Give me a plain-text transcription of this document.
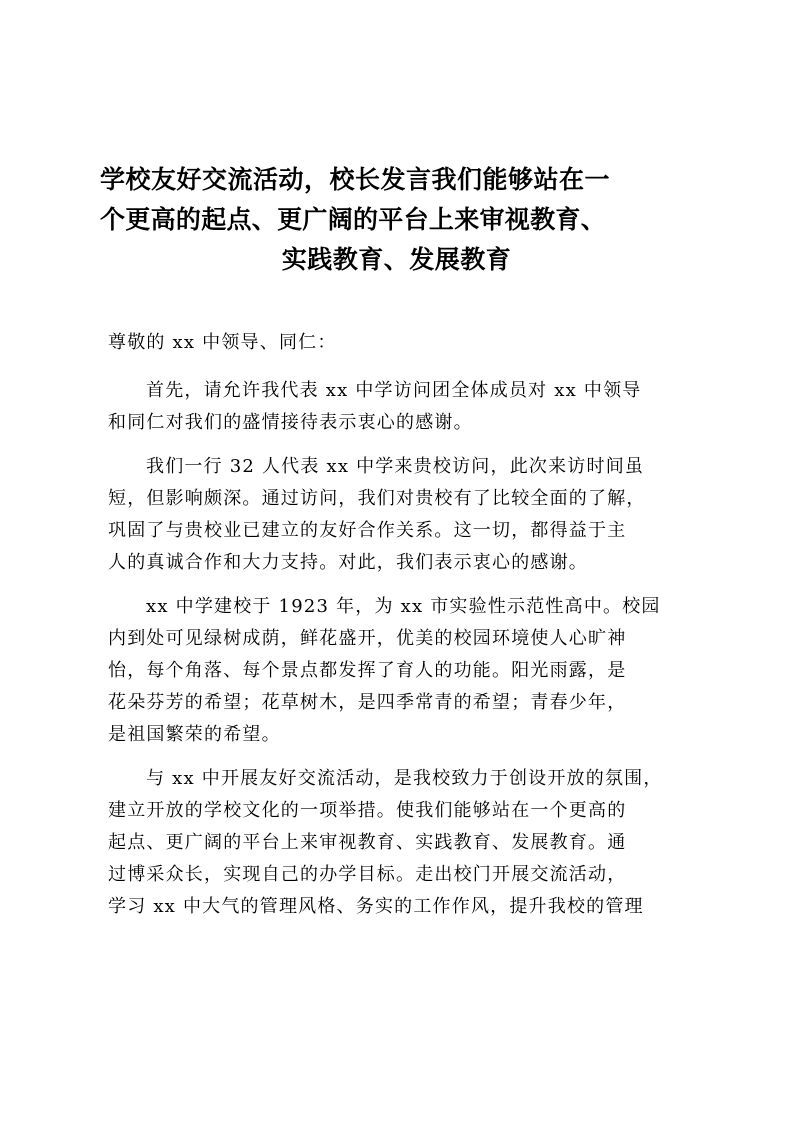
学校友好交流活动，校长发言我们能够站在一
个更高的起点、更广阔的平台上来审视教育、
实践教育、发展教育
尊敬的 xx 中领导、同仁：
首先，请允许我代表 xx 中学访问团全体成员对 xx 中领导
和同仁对我们的盛情接待表示衷心的感谢。
我们一行 32 人代表 xx 中学来贵校访问，此次来访时间虽
短，但影响颇深。通过访问，我们对贵校有了比较全面的了解，
巩固了与贵校业已建立的友好合作关系。这一切，都得益于主
人的真诚合作和大力支持。对此，我们表示衷心的感谢。
xx 中学建校于 1923 年，为 xx 市实验性示范性高中。校园
内到处可见绿树成荫，鲜花盛开，优美的校园环境使人心旷神
怡，每个角落、每个景点都发挥了育人的功能。阳光雨露，是
花朵芬芳的希望；花草树木，是四季常青的希望；青春少年，
是祖国繁荣的希望。
与 xx 中开展友好交流活动，是我校致力于创设开放的氛围，
建立开放的学校文化的一项举措。使我们能够站在一个更高的
起点、更广阔的平台上来审视教育、实践教育、发展教育。通
过博采众长，实现自己的办学目标。走出校门开展交流活动，
学习 xx 中大气的管理风格、务实的工作作风，提升我校的管理
